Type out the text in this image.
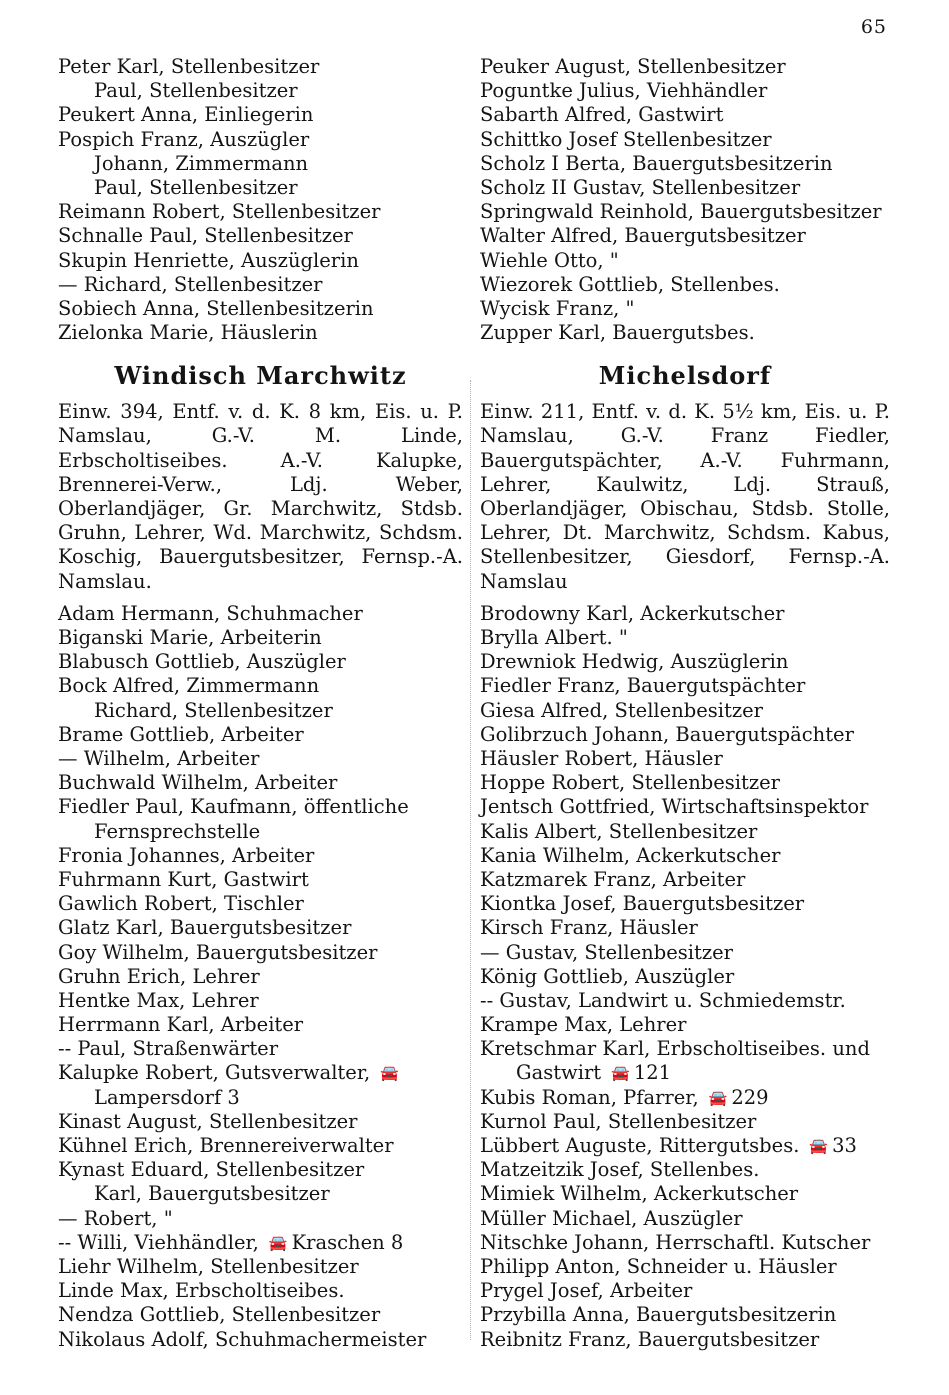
65
Peter Karl, Stellenbesitzer
Paul, Stellenbesitzer
Peukert Anna, Einliegerin
Pospich Franz, Auszügler
Johann, Zimmermann
Paul, Stellenbesitzer
Reimann Robert, Stellenbesitzer
Schnalle Paul, Stellenbesitzer
Skupin Henriette, Auszüglerin
— Richard, Stellenbesitzer
Sobiech Anna, Stellenbesitzerin
Zielonka Marie, Häuslerin
Windisch Marchwitz

Einw. 394, Entf. v. d. K. 8 km, Eis. u. P. Namslau, G.-V. M. Linde, Erbscholtiseibes. A.-V. Kalupke, Brennerei-Verw., Ldj. Weber, Oberlandjäger, Gr. Marchwitz, Stdsb. Gruhn, Lehrer, Wd. Marchwitz, Schdsm. Koschig, Bauergutsbesitzer, Fernsp.-A. Namslau.

Adam Hermann, Schuhmacher
Biganski Marie, Arbeiterin
Blabusch Gottlieb, Auszügler
Bock Alfred, Zimmermann
Richard, Stellenbesitzer
Brame Gottlieb, Arbeiter
— Wilhelm, Arbeiter
Buchwald Wilhelm, Arbeiter
Fiedler Paul, Kaufmann, öffentliche
Fernsprechstelle
Fronia Johannes, Arbeiter
Fuhrmann Kurt, Gastwirt
Gawlich Robert, Tischler
Glatz Karl, Bauergutsbesitzer
Goy Wilhelm, Bauergutsbesitzer
Gruhn Erich, Lehrer
Hentke Max, Lehrer
Herrmann Karl, Arbeiter
-- Paul, Straßenwärter
Kalupke Robert, Gutsverwalter, 🚘
Lampersdorf 3
Kinast August, Stellenbesitzer
Kühnel Erich, Brennereiverwalter
Kynast Eduard, Stellenbesitzer
Karl, Bauergutsbesitzer
— Robert, "
-- Willi, Viehhändler, 🚘 Kraschen 8
Liehr Wilhelm, Stellenbesitzer
Linde Max, Erbscholtiseibes.
Nendza Gottlieb, Stellenbesitzer
Nikolaus Adolf, Schuhmachermeister
Peuker August, Stellenbesitzer
Poguntke Julius, Viehhändler
Sabarth Alfred, Gastwirt
Schittko Josef Stellenbesitzer
Scholz I Berta, Bauergutsbesitzerin
Scholz II Gustav, Stellenbesitzer
Springwald Reinhold, Bauergutsbesitzer
Walter Alfred, Bauergutsbesitzer
Wiehle Otto, "
Wiezorek Gottlieb, Stellenbes.
Wycisk Franz, "
Zupper Karl, Bauergutsbes.
Michelsdorf

Einw. 211, Entf. v. d. K. 5½ km, Eis. u. P. Namslau, G.-V. Franz Fiedler, Bauergutspächter, A.-V. Fuhrmann, Lehrer, Kaulwitz, Ldj. Strauß, Oberlandjäger, Obischau, Stdsb. Stolle, Lehrer, Dt. Marchwitz, Schdsm. Kabus, Stellenbesitzer, Giesdorf, Fernsp.-A. Namslau

Brodowny Karl, Ackerkutscher
Brylla Albert. "
Drewniok Hedwig, Auszüglerin
Fiedler Franz, Bauergutspächter
Giesa Alfred, Stellenbesitzer
Golibrzuch Johann, Bauergutspächter
Häusler Robert, Häusler
Hoppe Robert, Stellenbesitzer
Jentsch Gottfried, Wirtschaftsinspektor
Kalis Albert, Stellenbesitzer
Kania Wilhelm, Ackerkutscher
Katzmarek Franz, Arbeiter
Kiontka Josef, Bauergutsbesitzer
Kirsch Franz, Häusler
— Gustav, Stellenbesitzer
König Gottlieb, Auszügler
-- Gustav, Landwirt u. Schmiedemstr.
Krampe Max, Lehrer
Kretschmar Karl, Erbscholtiseibes. und
Gastwirt 🚘 121
Kubis Roman, Pfarrer, 🚘 229
Kurnol Paul, Stellenbesitzer
Lübbert Auguste, Rittergutsbes. 🚘 33
Matzeitzik Josef, Stellenbes.
Mimiek Wilhelm, Ackerkutscher
Müller Michael, Auszügler
Nitschke Johann, Herrschaftl. Kutscher
Philipp Anton, Schneider u. Häusler
Prygel Josef, Arbeiter
Przybilla Anna, Bauergutsbesitzerin
Reibnitz Franz, Bauergutsbesitzer
